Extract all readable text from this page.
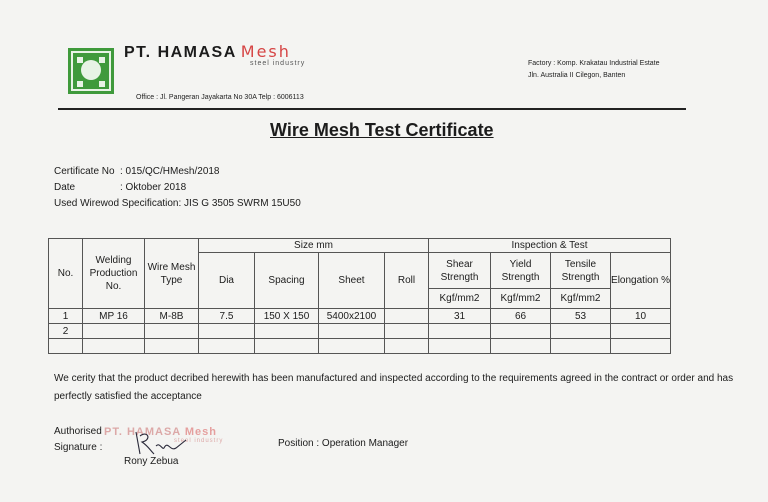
PT. HAMASA Mesh
steel industry	Factory : Komp. Krakatau Industrial Estate
Jln. Australia II Cilegon, Banten
Office : Jl. Pangeran Jayakarta No 30A Telp : 6006113
Wire Mesh Test Certificate
Certificate No : 015/QC/HMesh/2018
Date	: Oktober 2018
Used Wirewod Specification: JIS G 3505 SWRM 15U50
No.	Welding Production No.	Wire Mesh Type	Size mm				Inspection & Test			
			Dia	Spacing	Sheet	Roll	Shear Strength	Yield Strength	Tensile Strength	Elongation %
							Kgf/mm2	Kgf/mm2	Kgf/mm2	
1	MP 16	M-8B	7.5	150 X 150	5400x2100		31	66	53	10
2										

We cerity that the product decribed herewith has been manufactured and inspected according to the requirements agreed in the contract or order and has perfectly satisfied the acceptance
Authorised
Signature :
PT. HAMASA Mesh
steel industry
Rony Zebua
Position : Operation Manager
